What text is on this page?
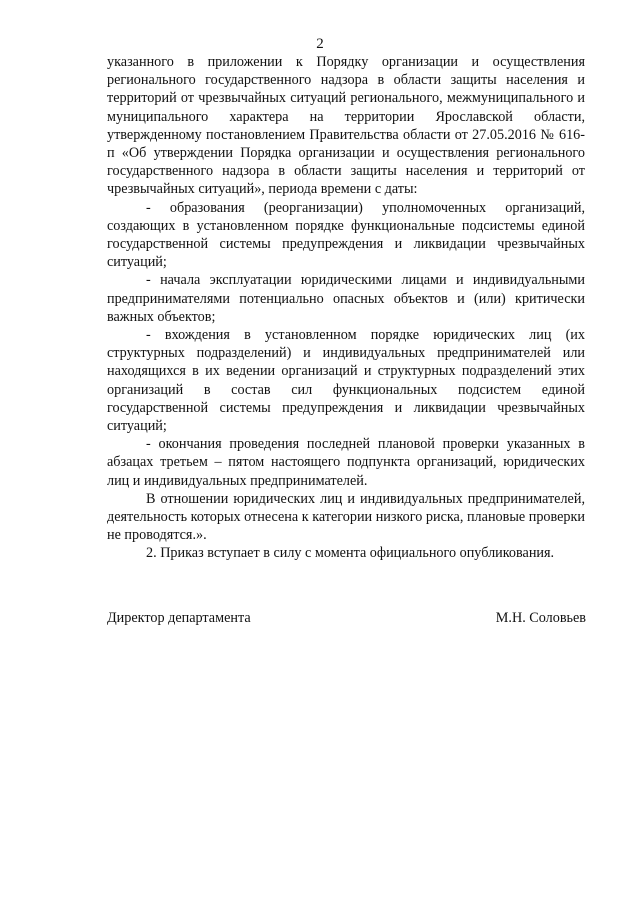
2

указанного в приложении к Порядку организации и осуществления регионального государственного надзора в области защиты населения и территорий от чрезвычайных ситуаций регионального, межмуниципального и муниципального характера на территории Ярославской области, утвержденному постановлением Правительства области от 27.05.2016 № 616-п «Об утверждении Порядка организации и осуществления регионального государственного надзора в области защиты населения и территорий от чрезвычайных ситуаций», периода времени с даты:

- образования (реорганизации) уполномоченных организаций, создающих в установленном порядке функциональные подсистемы единой государственной системы предупреждения и ликвидации чрезвычайных ситуаций;

- начала эксплуатации юридическими лицами и индивидуальными предпринимателями потенциально опасных объектов и (или) критически важных объектов;

- вхождения в установленном порядке юридических лиц (их структурных подразделений) и индивидуальных предпринимателей или находящихся в их ведении организаций и структурных подразделений этих организаций в состав сил функциональных подсистем единой государственной системы предупреждения и ликвидации чрезвычайных ситуаций;

- окончания проведения последней плановой проверки указанных в абзацах третьем – пятом настоящего подпункта организаций, юридических лиц и индивидуальных предпринимателей.

В отношении юридических лиц и индивидуальных предпринимателей, деятельность которых отнесена к категории низкого риска, плановые проверки не проводятся.».

2. Приказ вступает в силу с момента официального опубликования.

Директор департамента	М.Н. Соловьев
